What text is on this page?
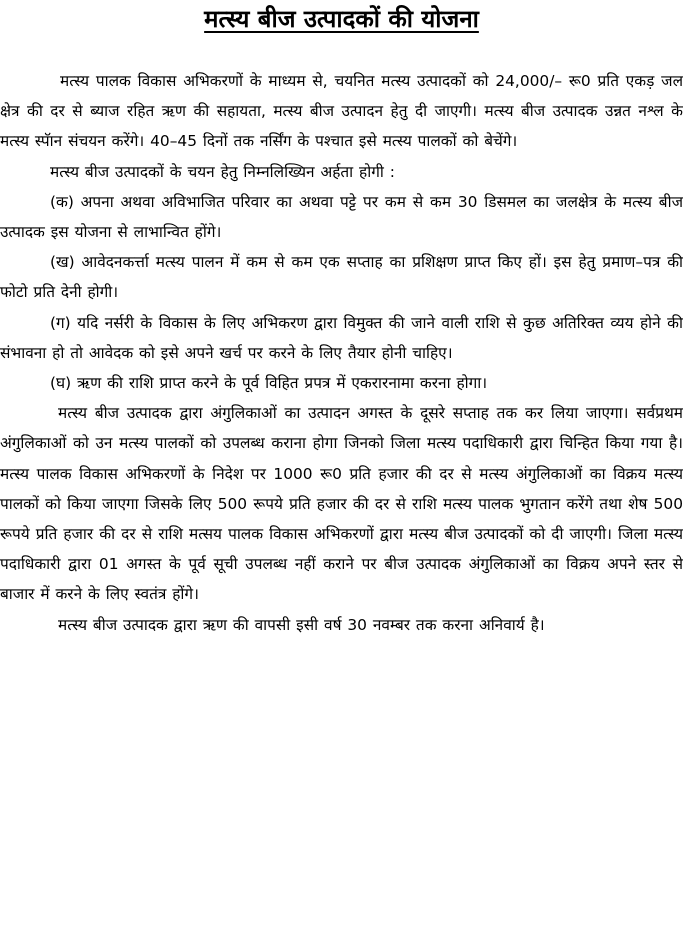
मत्स्य बीज उत्पादकों की योजना

मत्स्य पालक विकास अभिकरणों के माध्यम से, चयनित मत्स्य उत्पादकों को 24,000/– रू0 प्रति एकड़ जल क्षेत्र की दर से ब्याज रहित ऋण की सहायता, मत्स्य बीज उत्पादन हेतु दी जाएगी। मत्स्य बीज उत्पादक उन्नत नश्ल के मत्स्य स्पॅान संचयन करेंगे। 40–45 दिनों तक नर्सिंग के पश्चात इसे मत्स्य पालकों को बेचेंगे।

मत्स्य बीज उत्पादकों के चयन हेतु निम्नलिख्यिन अर्हता होगी :

(क) अपना अथवा अविभाजित परिवार का अथवा पट्टे पर कम से कम 30 डिसमल का जलक्षेत्र के मत्स्य बीज उत्पादक इस योजना से लाभान्वित होंगे।

(ख) आवेदनकर्त्ता मत्स्य पालन में कम से कम एक सप्ताह का प्रशिक्षण प्राप्त किए हों। इस हेतु प्रमाण–पत्र की फोटो प्रति देनी होगी।

(ग) यदि नर्सरी के विकास के लिए अभिकरण द्वारा विमुक्त की जाने वाली राशि से कुछ अतिरिक्त व्यय होने की संभावना हो तो आवेदक को इसे अपने खर्च पर करने के लिए तैयार होनी चाहिए।

(घ) ऋण की राशि प्राप्त करने के पूर्व विहित प्रपत्र में एकरारनामा करना होगा।

मत्स्य बीज उत्पादक द्वारा अंगुलिकाओं का उत्पादन अगस्त के दूसरे सप्ताह तक कर लिया जाएगा। सर्वप्रथम अंगुलिकाओं को उन मत्स्य पालकों को उपलब्ध कराना होगा जिनको जिला मत्स्य पदाधिकारी द्वारा चिन्हित किया गया है। मत्स्य पालक विकास अभिकरणों के निदेश पर 1000 रू0 प्रति हजार की दर से मत्स्य अंगुलिकाओं का विक्रय मत्स्य पालकों को किया जाएगा जिसके लिए 500 रूपये प्रति हजार की दर से राशि मत्स्य पालक भुगतान करेंगे तथा शेष 500 रूपये प्रति हजार की दर से राशि मत्सय पालक विकास अभिकरणों द्वारा मत्स्य बीज उत्पादकों को दी जाएगी। जिला मत्स्य पदाधिकारी द्वारा 01 अगस्त के पूर्व सूची उपलब्ध नहीं कराने पर बीज उत्पादक अंगुलिकाओं का विक्रय अपने स्तर से बाजार में करने के लिए स्वतंत्र होंगे।

मत्स्य बीज उत्पादक द्वारा ऋण की वापसी इसी वर्ष 30 नवम्बर तक करना अनिवार्य है।
